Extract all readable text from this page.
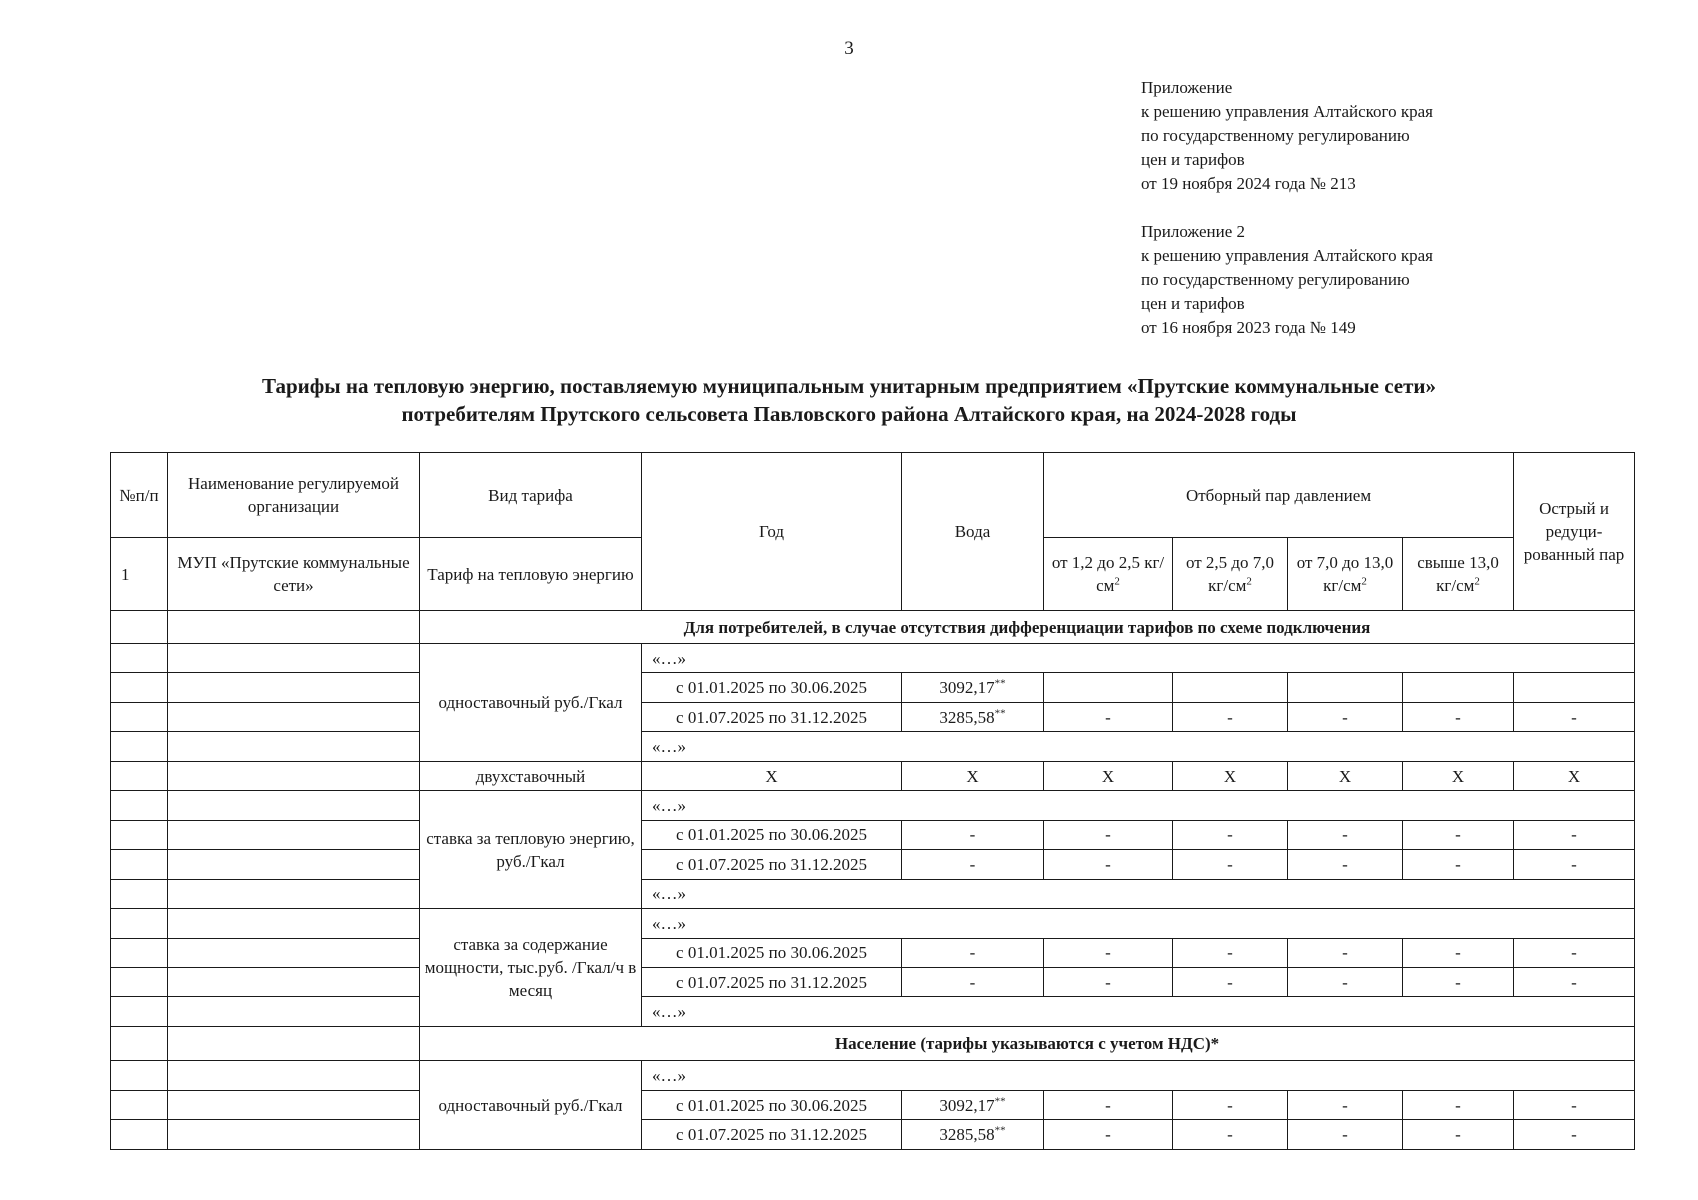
3
Приложение
к решению управления Алтайского края
по государственному регулированию
цен и тарифов
от 19 ноября 2024 года № 213
Приложение 2
к решению управления Алтайского края
по государственному регулированию
цен и тарифов
от 16 ноября 2023 года № 149
Тарифы на тепловую энергию, поставляемую муниципальным унитарным предприятием «Прутские коммунальные сети»
потребителям Прутского сельсовета Павловского района Алтайского края, на 2024-2028 годы
№п/п	Наименование регулируемой организации	Вид тарифа	Год	Вода	Отборный пар давлением				Острый и редуци-рованный пар
1	МУП «Прутские коммунальные сети»	Тариф на тепловую энергию			от 1,2 до 2,5 $кг/см^2$	от 2,5 до 7,0 $кг/см^2$	от 7,0 до 13,0 $кг/см^2$	свыше 13,0 $кг/см^2$
		Для потребителей, в случае отсутствия дифференциации тарифов по схеме подключения							
		одноставочный руб./Гкал	«…»						
			с 01.01.2025 по 30.06.2025	3092,17**					
			с 01.07.2025 по 31.12.2025	3285,58**	-	-	-	-	-
			«…»						
		двухставочный	X	X	X	X	X	X	X
		ставка за тепловую энергию, руб./Гкал	«…»						
			с 01.01.2025 по 30.06.2025	-	-	-	-	-	-
			с 01.07.2025 по 31.12.2025	-	-	-	-	-	-
			«…»						
		ставка за содержание мощности, тыс.руб. /Гкал/ч в месяц	«…»						
			с 01.01.2025 по 30.06.2025	-	-	-	-	-	-
			с 01.07.2025 по 31.12.2025	-	-	-	-	-	-
			«…»						
		Население (тарифы указываются с учетом НДС)*							
		одноставочный руб./Гкал	«…»						
			с 01.01.2025 по 30.06.2025	3092,17**	-	-	-	-	-
			с 01.07.2025 по 31.12.2025	3285,58**	-	-	-	-	-
